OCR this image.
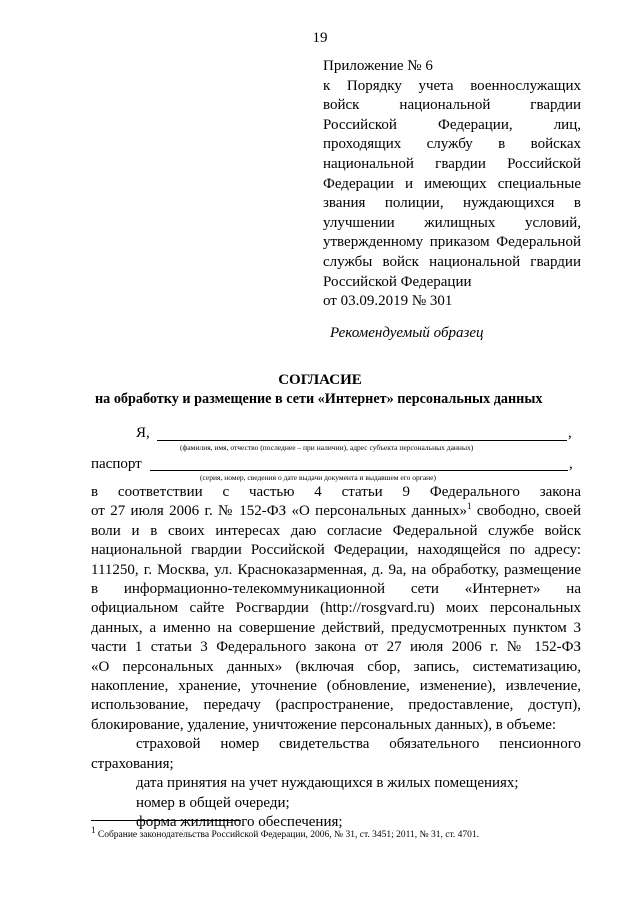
19
Приложение № 6
к Порядку учета военнослужащих
войск национальной гвардии
Российской Федерации, лиц,
проходящих службу в войсках
национальной гвардии Российской
Федерации и имеющих специальные
звания полиции, нуждающихся в
улучшении жилищных условий,
утвержденному приказом Федеральной
службы войск национальной гвардии
Российской Федерации
от 03.09.2019 № 301
Рекомендуемый образец
СОГЛАСИЕ
на обработку и размещение в сети «Интернет» персональных данных
Я,	,
(фамилия, имя, отчество (последнее – при наличии), адрес субъекта персональных данных)
паспорт	,
(серия, номер, сведения о дате выдачи документа и выдавшем его органе)
в соответствии с частью 4 статьи 9 Федерального закона
от 27 июля 2006 г. № 152-ФЗ «О персональных данных»$^1$ свободно, своей
воли и в своих интересах даю согласие Федеральной службе войск
национальной гвардии Российской Федерации, находящейся по адресу:
111250, г. Москва, ул. Красноказарменная, д. 9а, на обработку, размещение
в информационно-телекоммуникационной сети «Интернет» на
официальном сайте Росгвардии (http://rosgvard.ru) моих персональных
данных, а именно на совершение действий, предусмотренных пунктом 3
части 1 статьи 3 Федерального закона от 27 июля 2006 г. № 152-ФЗ
«О персональных данных» (включая сбор, запись, систематизацию,
накопление, хранение, уточнение (обновление, изменение), извлечение,
использование, передачу (распространение, предоставление, доступ),
блокирование, удаление, уничтожение персональных данных), в объеме:
страховой номер свидетельства обязательного пенсионного
страхования;
дата принятия на учет нуждающихся в жилых помещениях;
номер в общей очереди;
форма жилищного обеспечения;
$^1$ Собрание законодательства Российской Федерации, 2006, № 31, ст. 3451; 2011, № 31, ст. 4701.
